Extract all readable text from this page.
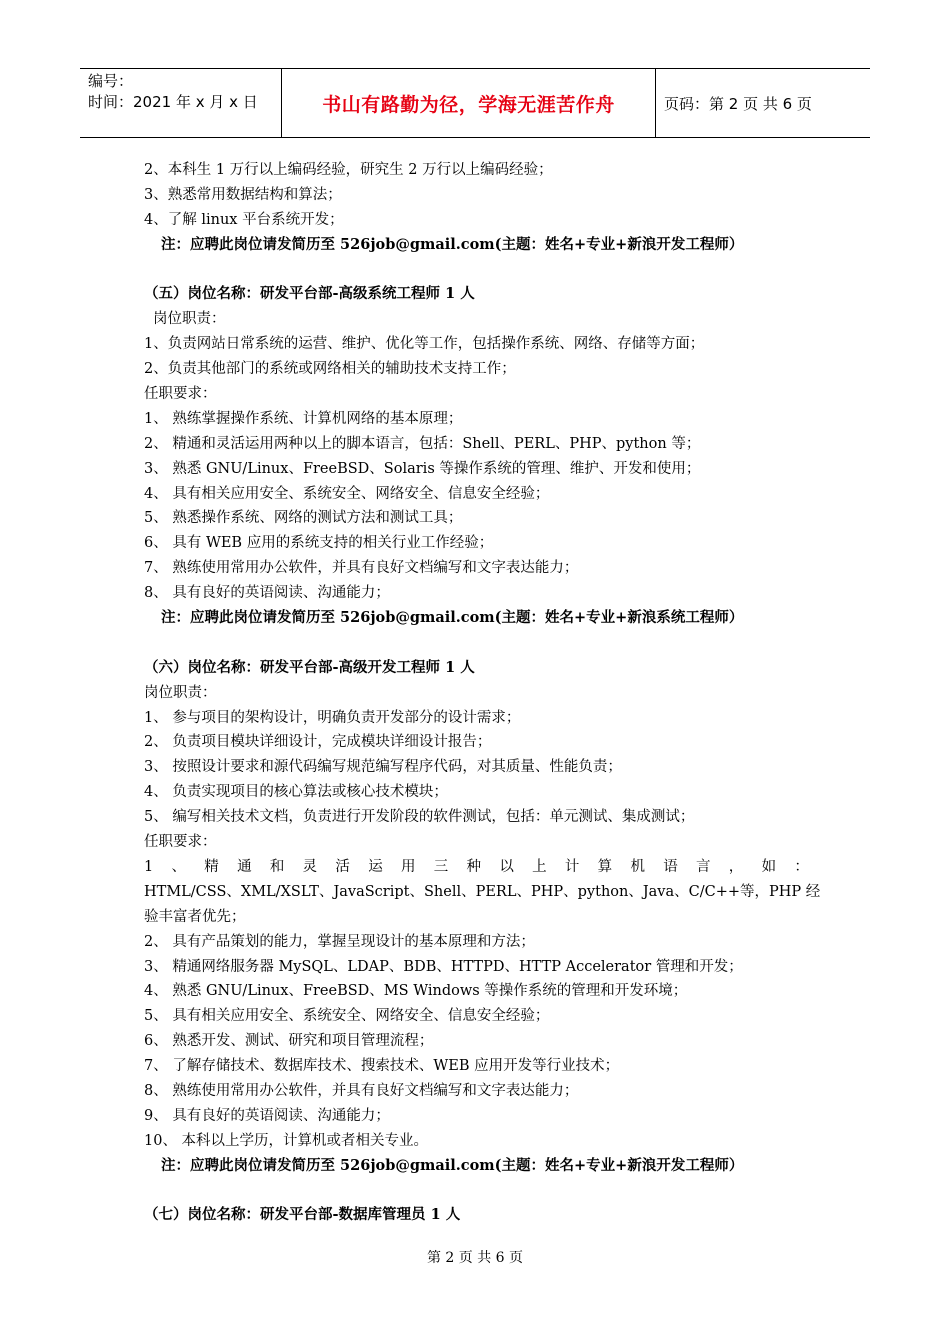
编号：
时间：2021 年 x 月 x 日	书山有路勤为径，学海无涯苦作舟	页码：第 2 页 共 6 页
2、本科生 1 万行以上编码经验，研究生 2 万行以上编码经验；
3、熟悉常用数据结构和算法；
4、了解 linux 平台系统开发；
注：应聘此岗位请发简历至 526job@gmail.com(主题：姓名+专业+新浪开发工程师）
（五）岗位名称：研发平台部-高级系统工程师 1 人
岗位职责：
1、负责网站日常系统的运营、维护、优化等工作，包括操作系统、网络、存储等方面；
2、负责其他部门的系统或网络相关的辅助技术支持工作；
任职要求：
1、 熟练掌握操作系统、计算机网络的基本原理；
2、 精通和灵活运用两种以上的脚本语言，包括：Shell、PERL、PHP、python 等；
3、 熟悉 GNU/Linux、FreeBSD、Solaris 等操作系统的管理、维护、开发和使用；
4、 具有相关应用安全、系统安全、网络安全、信息安全经验；
5、 熟悉操作系统、网络的测试方法和测试工具；
6、 具有 WEB 应用的系统支持的相关行业工作经验；
7、 熟练使用常用办公软件，并具有良好文档编写和文字表达能力；
8、 具有良好的英语阅读、沟通能力；
注：应聘此岗位请发简历至 526job@gmail.com(主题：姓名+专业+新浪系统工程师）
（六）岗位名称：研发平台部-高级开发工程师 1 人
岗位职责：
1、 参与项目的架构设计，明确负责开发部分的设计需求；
2、 负责项目模块详细设计，完成模块详细设计报告；
3、 按照设计要求和源代码编写规范编写程序代码，对其质量、性能负责；
4、 负责实现项目的核心算法或核心技术模块；
5、 编写相关技术文档，负责进行开发阶段的软件测试，包括：单元测试、集成测试；
任职要求：
1 、 精 通 和 灵 活 运 用 三 种 以 上 计 算 机 语 言 ， 如 ：
HTML/CSS、XML/XSLT、JavaScript、Shell、PERL、PHP、python、Java、C/C++等，PHP 经
验丰富者优先；
2、 具有产品策划的能力，掌握呈现设计的基本原理和方法；
3、 精通网络服务器 MySQL、LDAP、BDB、HTTPD、HTTP Accelerator 管理和开发；
4、 熟悉 GNU/Linux、FreeBSD、MS Windows 等操作系统的管理和开发环境；
5、 具有相关应用安全、系统安全、网络安全、信息安全经验；
6、 熟悉开发、测试、研究和项目管理流程；
7、 了解存储技术、数据库技术、搜索技术、WEB 应用开发等行业技术；
8、 熟练使用常用办公软件，并具有良好文档编写和文字表达能力；
9、 具有良好的英语阅读、沟通能力；
10、 本科以上学历，计算机或者相关专业。
注：应聘此岗位请发简历至 526job@gmail.com(主题：姓名+专业+新浪开发工程师）
（七）岗位名称：研发平台部-数据库管理员 1 人
第 2 页 共 6 页
